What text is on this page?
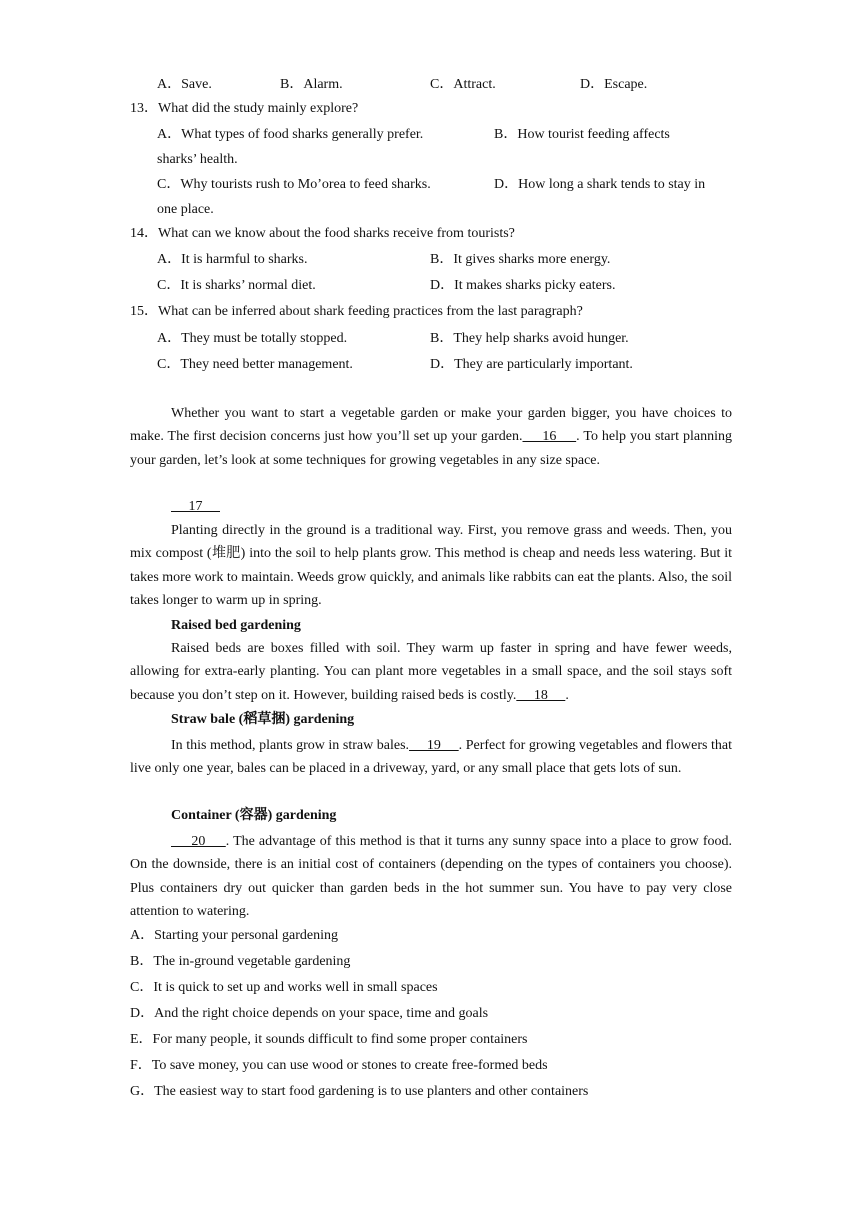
A．Save.	B．Alarm.	C．Attract.	D．Escape.
13．What did the study mainly explore?
A．What types of food sharks generally prefer.	B．How tourist feeding affects
sharks’ health.
C．Why tourists rush to Mo’orea to feed sharks.	D．How long a shark tends to stay in
one place.
14．What can we know about the food sharks receive from tourists?
A．It is harmful to sharks.	B．It gives sharks more energy.
C．It is sharks’ normal diet.	D．It makes sharks picky eaters.
15．What can be inferred about shark feeding practices from the last paragraph?
A．They must be totally stopped.	B．They help sharks avoid hunger.
C．They need better management.	D．They are particularly important.

Whether you want to start a vegetable garden or make your garden bigger, you have choices to make. The first decision concerns just how you’ll set up your garden.     16     . To help you start planning your garden, let’s look at some techniques for growing vegetables in any size space.

17

Planting directly in the ground is a traditional way. First, you remove grass and weeds. Then, you mix compost (堆肥) into the soil to help plants grow. This method is cheap and needs less watering. But it takes more work to maintain. Weeds grow quickly, and animals like rabbits can eat the plants. Also, the soil takes longer to warm up in spring.

Raised bed gardening

Raised beds are boxes filled with soil. They warm up faster in spring and have fewer weeds, allowing for extra-early planting. You can plant more vegetables in a small space, and the soil stays soft because you don’t step on it. However, building raised beds is costly.     18     .

Straw bale (稻草捆) gardening

In this method, plants grow in straw bales.     19     . Perfect for growing vegetables and flowers that live only one year, bales can be placed in a driveway, yard, or any small place that gets lots of sun.

Container (容器) gardening

20     . The advantage of this method is that it turns any sunny space into a place to grow food. On the downside, there is an initial cost of containers (depending on the types of containers you choose). Plus containers dry out quicker than garden beds in the hot summer sun. You have to pay very close attention to watering.

A．Starting your personal gardening
B．The in-ground vegetable gardening
C．It is quick to set up and works well in small spaces
D．And the right choice depends on your space, time and goals
E．For many people, it sounds difficult to find some proper containers
F．To save money, you can use wood or stones to create free-formed beds
G．The easiest way to start food gardening is to use planters and other containers
